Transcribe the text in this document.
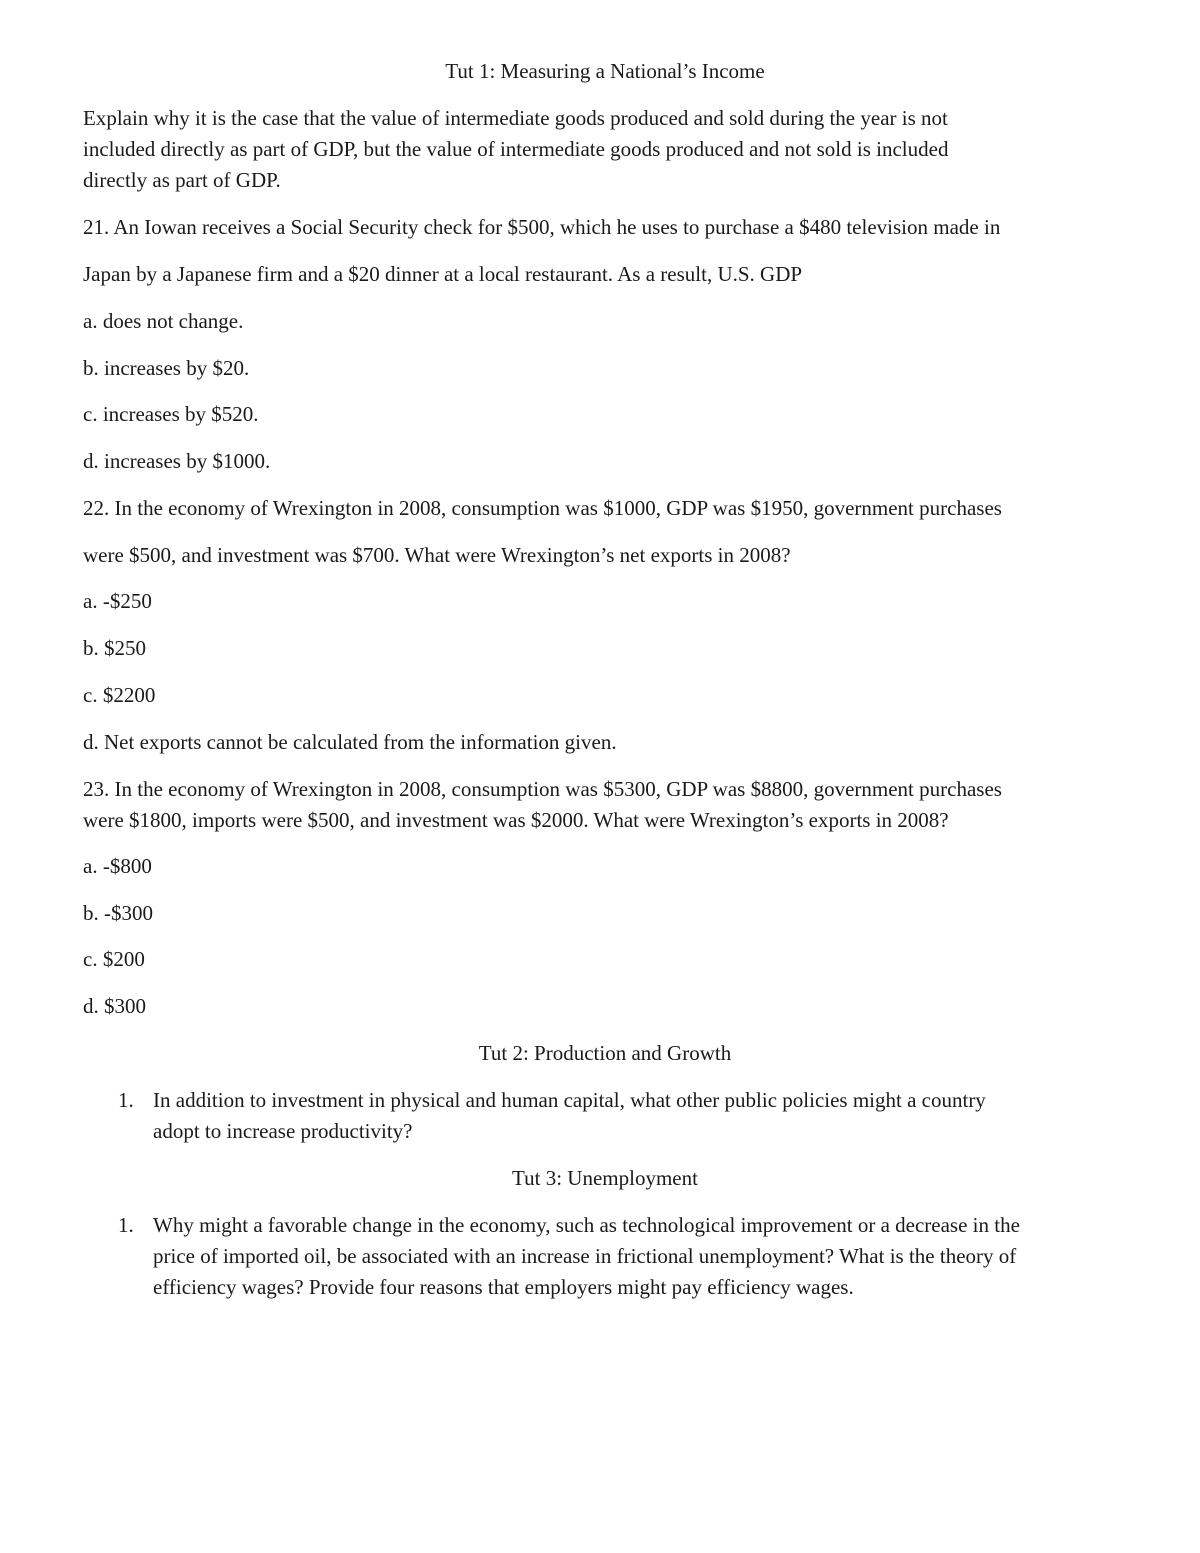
Tut 1: Measuring a National’s Income
Explain why it is the case that the value of intermediate goods produced and sold during the year is not
included directly as part of GDP, but the value of intermediate goods produced and not sold is included
directly as part of GDP.
21. An Iowan receives a Social Security check for $500, which he uses to purchase a $480 television made in
Japan by a Japanese firm and a $20 dinner at a local restaurant. As a result, U.S. GDP
a. does not change.
b. increases by $20.
c. increases by $520.
d. increases by $1000.
22. In the economy of Wrexington in 2008, consumption was $1000, GDP was $1950, government purchases
were $500, and investment was $700. What were Wrexington’s net exports in 2008?
a. -$250
b. $250
c. $2200
d. Net exports cannot be calculated from the information given.
23. In the economy of Wrexington in 2008, consumption was $5300, GDP was $8800, government purchases
were $1800, imports were $500, and investment was $2000. What were Wrexington’s exports in 2008?
a. -$800
b. -$300
c. $200
d. $300
Tut 2: Production and Growth
1. In addition to investment in physical and human capital, what other public policies might a country
adopt to increase productivity?
Tut 3: Unemployment
1. Why might a favorable change in the economy, such as technological improvement or a decrease in the
price of imported oil, be associated with an increase in frictional unemployment? What is the theory of
efficiency wages? Provide four reasons that employers might pay efficiency wages.
